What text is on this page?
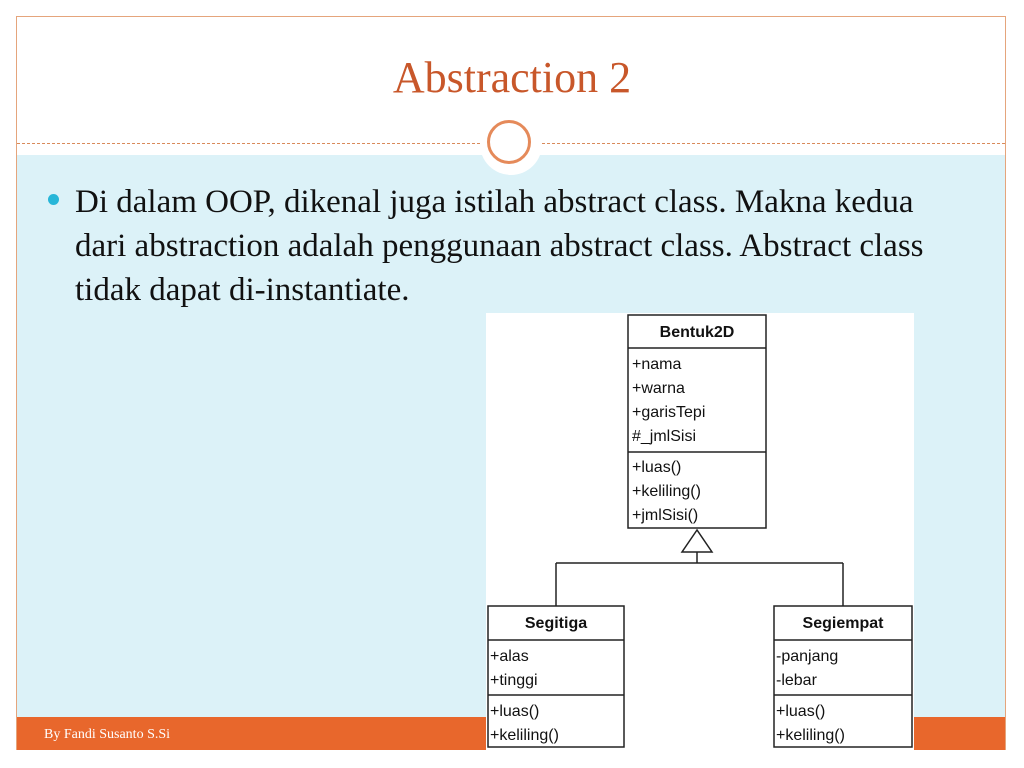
Abstraction 2
Di dalam OOP, dikenal juga istilah abstract class. Makna kedua dari abstraction adalah penggunaan abstract class. Abstract class tidak dapat di-instantiate.
By Fandi Susanto S.Si
Bentuk2D
+nama
+warna
+garisTepi
#_jmlSisi
+luas()
+keliling()
+jmlSisi()
Segitiga
+alas
+tinggi
+luas()
+keliling()
Segiempat
-panjang
-lebar
+luas()
+keliling()
